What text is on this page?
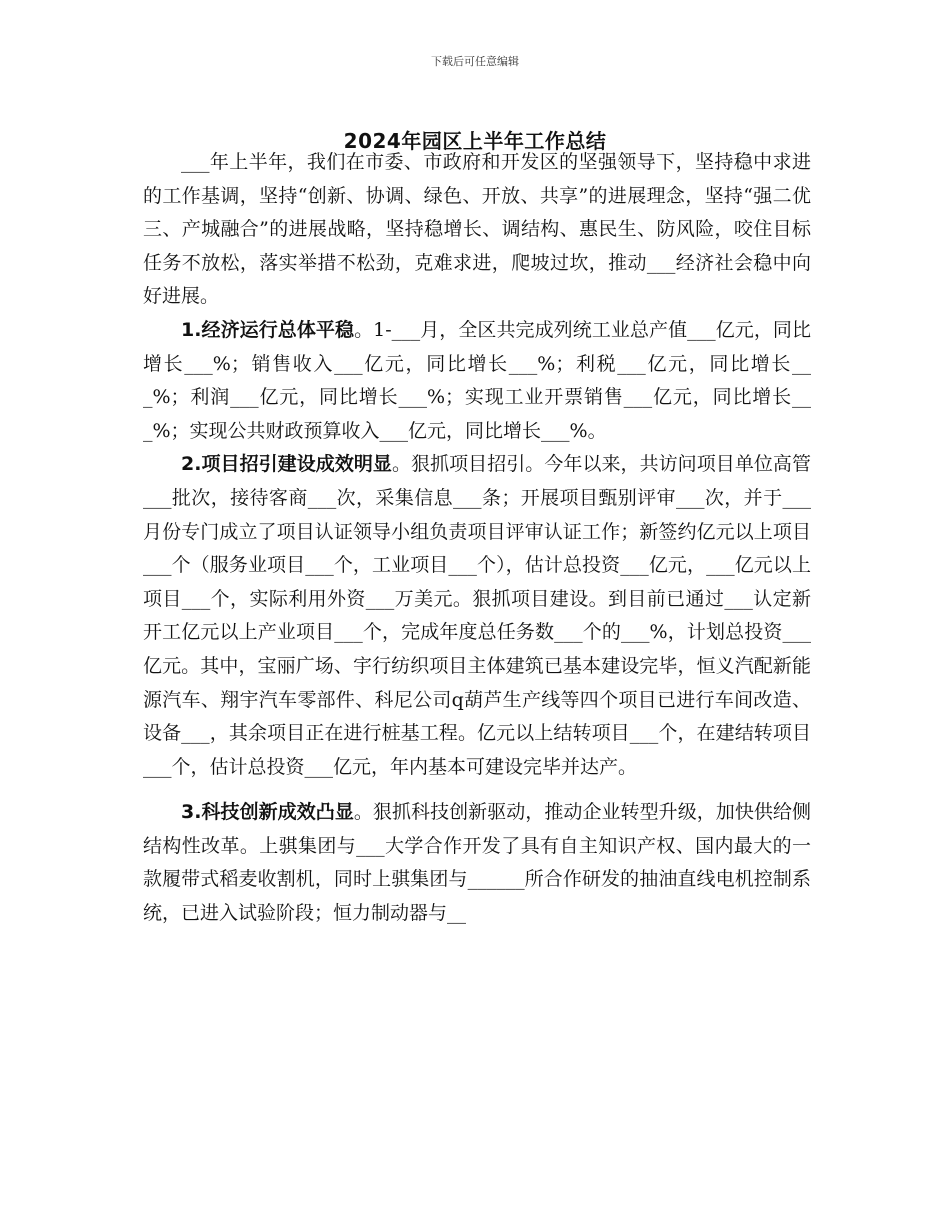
下载后可任意编辑
2024年园区上半年工作总结

___年上半年，我们在市委、市政府和开发区的坚强领导下，坚持稳中求进的工作基调，坚持“创新、协调、绿色、开放、共享”的进展理念，坚持“强二优三、产城融合”的进展战略，坚持稳增长、调结构、惠民生、防风险，咬住目标任务不放松，落实举措不松劲，克难求进，爬坡过坎，推动___经济社会稳中向好进展。

1.经济运行总体平稳。1-___月，全区共完成列统工业总产值___亿元，同比增长___%；销售收入___亿元，同比增长___%；利税___亿元，同比增长___%；利润___亿元，同比增长___%；实现工业开票销售___亿元，同比增长___%；实现公共财政预算收入___亿元，同比增长___%。

2.项目招引建设成效明显。狠抓项目招引。今年以来，共访问项目单位高管___批次，接待客商___次，采集信息___条；开展项目甄别评审___次，并于___月份专门成立了项目认证领导小组负责项目评审认证工作；新签约亿元以上项目___个（服务业项目___个，工业项目___个），估计总投资___亿元，___亿元以上项目___个，实际利用外资___万美元。狠抓项目建设。到目前已通过___认定新开工亿元以上产业项目___个，完成年度总任务数___个的___%，计划总投资___亿元。其中，宝丽广场、宇行纺织项目主体建筑已基本建设完毕，恒义汽配新能源汽车、翔宇汽车零部件、科尼公司q葫芦生产线等四个项目已进行车间改造、设备___，其余项目正在进行桩基工程。亿元以上结转项目___个，在建结转项目___个，估计总投资___亿元，年内基本可建设完毕并达产。

3.科技创新成效凸显。狠抓科技创新驱动，推动企业转型升级，加快供给侧结构性改革。上骐集团与___大学合作开发了具有自主知识产权、国内最大的一款履带式稻麦收割机，同时上骐集团与______所合作研发的抽油直线电机控制系统，已进入试验阶段；恒力制动器与__
